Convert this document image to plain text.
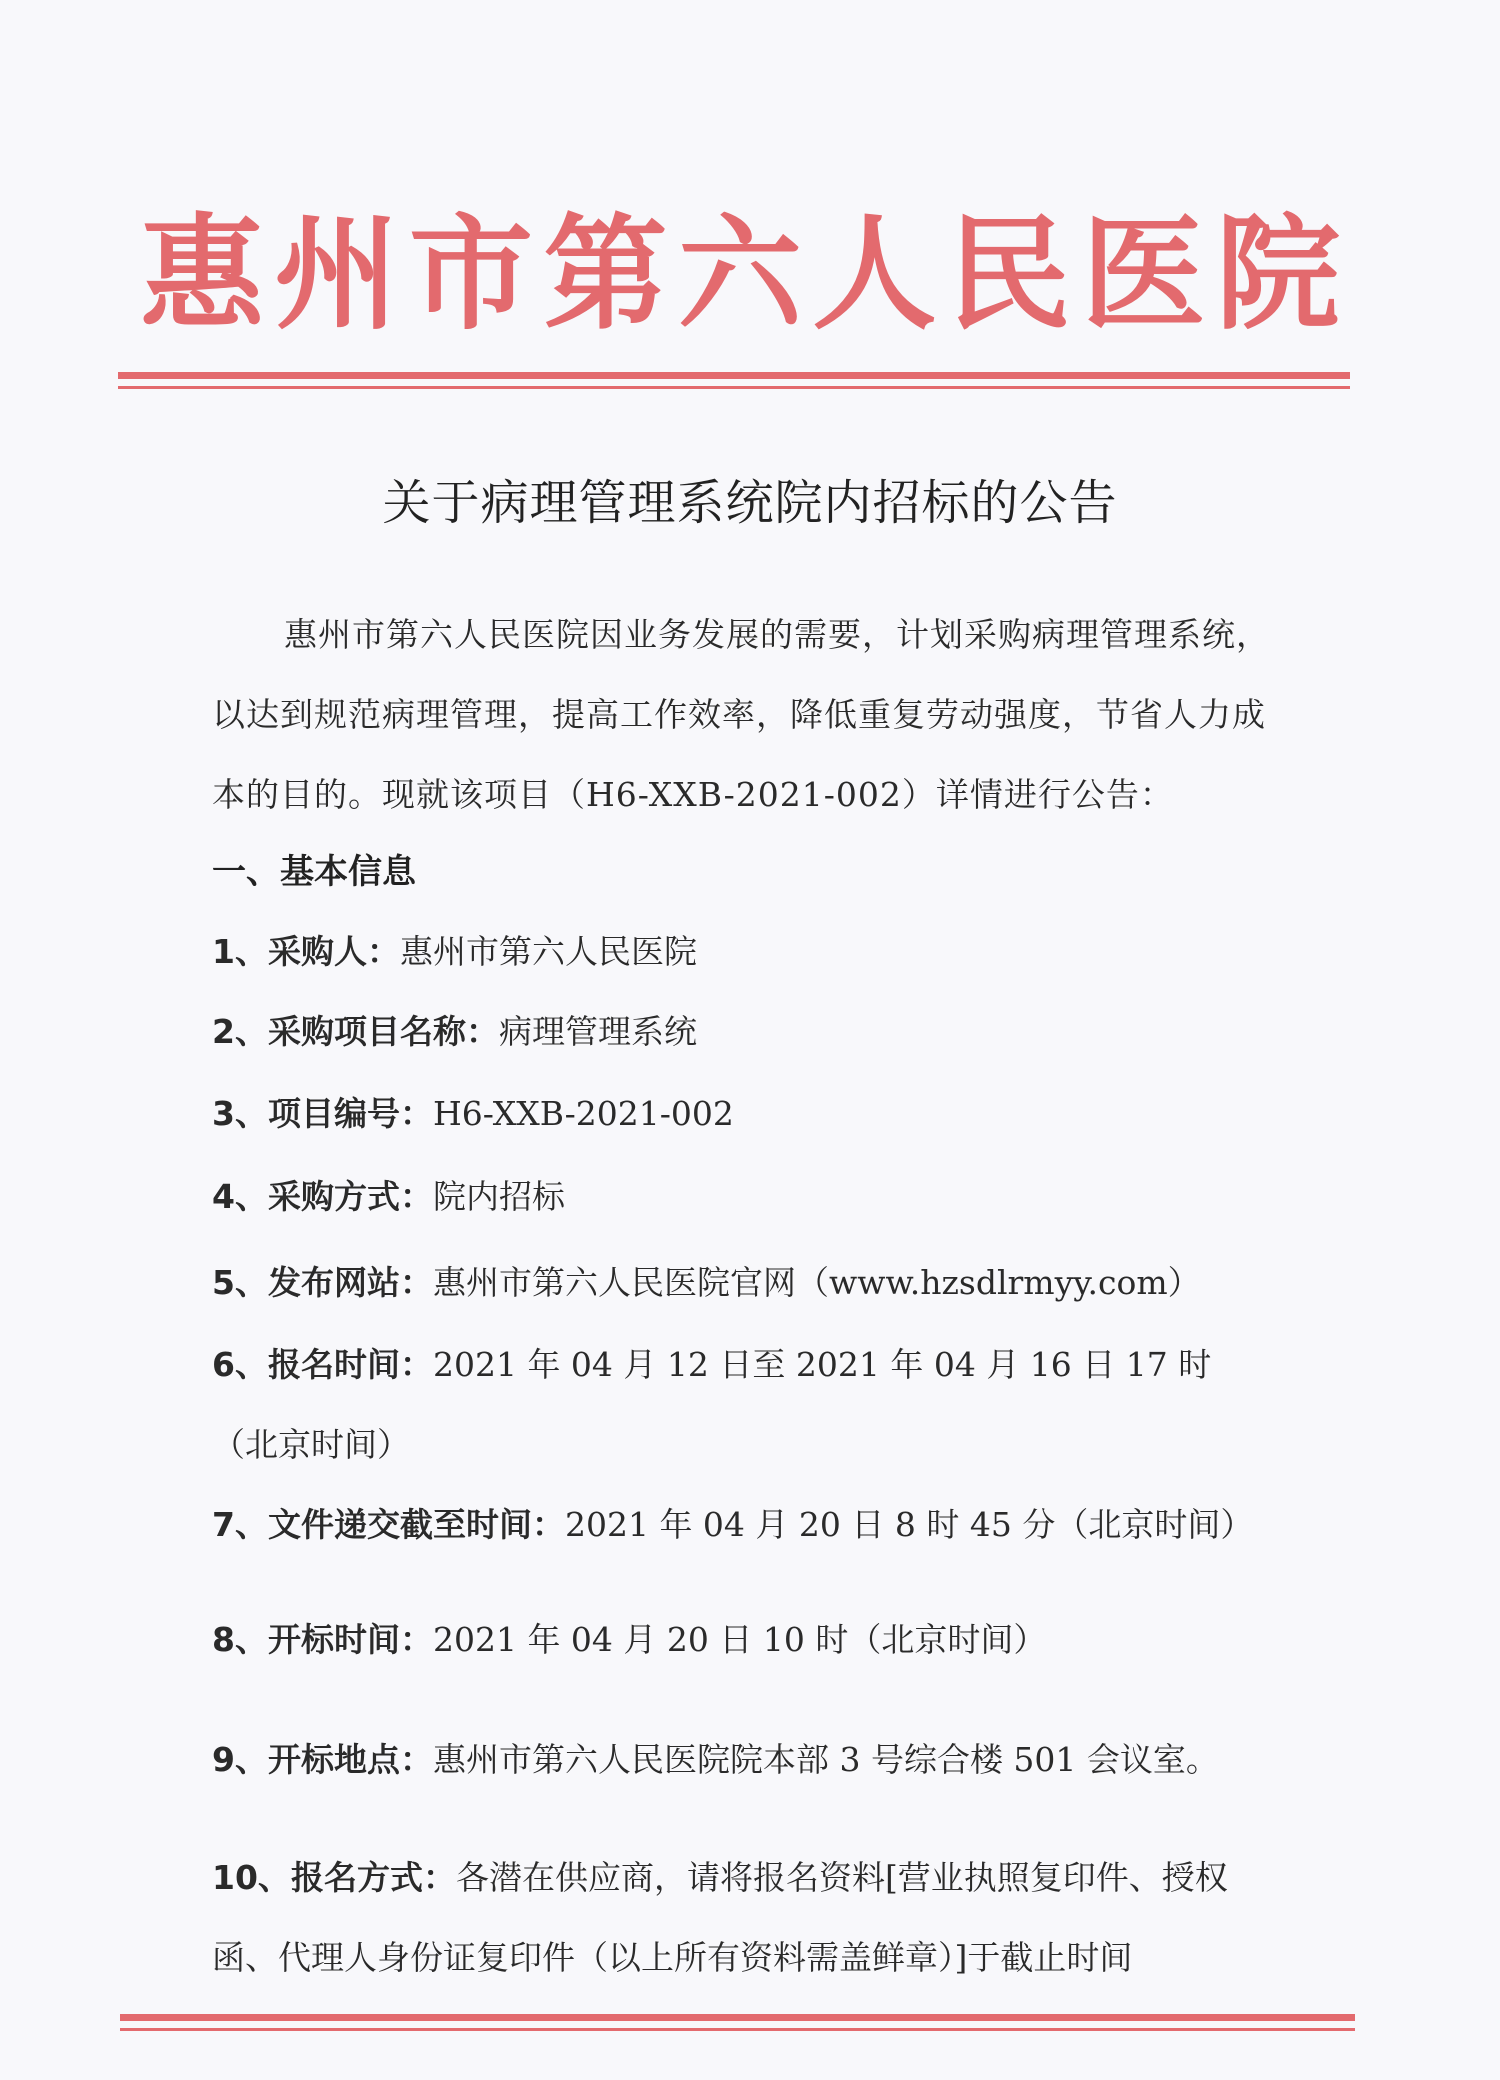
惠 州 市 第 六 人 民 医 院
关于病理管理系统院内招标的公告
惠州市第六人民医院因业务发展的需要，计划采购病理管理系统，以达到规范病理管理，提高工作效率，降低重复劳动强度，节省人力成本的目的。现就该项目（H6-XXB-2021-002）详情进行公告：
一、基本信息
1、采购人：惠州市第六人民医院
2、采购项目名称：病理管理系统
3、项目编号：H6-XXB-2021-002
4、采购方式：院内招标
5、发布网站：惠州市第六人民医院官网（www.hzsdlrmyy.com）
6、报名时间：2021 年 04 月 12 日至 2021 年 04 月 16 日 17 时（北京时间）
7、文件递交截至时间：2021 年 04 月 20 日 8 时 45 分（北京时间）
8、开标时间：2021 年 04 月 20 日 10 时（北京时间）
9、开标地点：惠州市第六人民医院院本部 3 号综合楼 501 会议室。
10、报名方式：各潜在供应商，请将报名资料[营业执照复印件、授权函、代理人身份证复印件（以上所有资料需盖鲜章）]于截止时间
